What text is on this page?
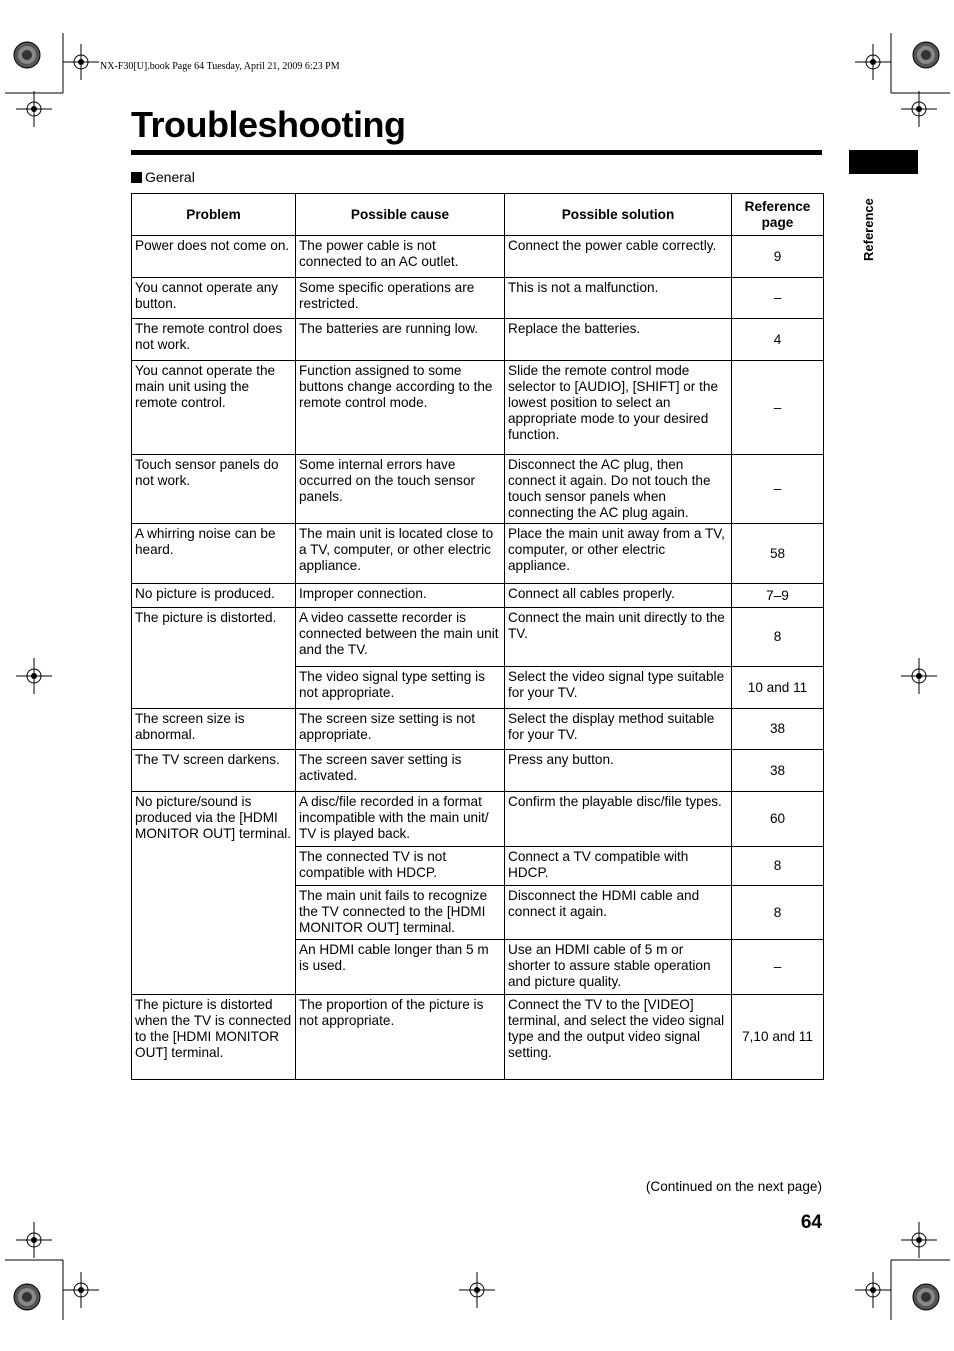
NX-F30[U].book Page 64 Tuesday, April 21, 2009 6:23 PM
Troubleshooting
Reference
General
Problem	Possible cause	Possible solution	Reference page
Power does not come on.	The power cable is not connected to an AC outlet.	Connect the power cable correctly.	9
You cannot operate any button.	Some specific operations are restricted.	This is not a malfunction.	–
The remote control does not work.	The batteries are running low.	Replace the batteries.	4
You cannot operate the main unit using the remote control.	Function assigned to some buttons change according to the remote control mode.	Slide the remote control mode selector to [AUDIO], [SHIFT] or the lowest position to select an appropriate mode to your desired function.	–
Touch sensor panels do not work.	Some internal errors have occurred on the touch sensor panels.	Disconnect the AC plug, then connect it again. Do not touch the touch sensor panels when connecting the AC plug again.	–
A whirring noise can be heard.	The main unit is located close to a TV, computer, or other electric appliance.	Place the main unit away from a TV, computer, or other electric appliance.	58
No picture is produced.	Improper connection.	Connect all cables properly.	7–9
The picture is distorted.	A video cassette recorder is connected between the main unit and the TV.	Connect the main unit directly to the TV.	8
	The video signal type setting is not appropriate.	Select the video signal type suitable for your TV.	10 and 11
The screen size is abnormal.	The screen size setting is not appropriate.	Select the display method suitable for your TV.	38
The TV screen darkens.	The screen saver setting is activated.	Press any button.	38
No picture/sound is produced via the [HDMI MONITOR OUT] terminal.	A disc/file recorded in a format incompatible with the main unit/ TV is played back.	Confirm the playable disc/file types.	60
	The connected TV is not compatible with HDCP.	Connect a TV compatible with HDCP.	8
	The main unit fails to recognize the TV connected to the [HDMI MONITOR OUT] terminal.	Disconnect the HDMI cable and connect it again.	8
	An HDMI cable longer than 5 m is used.	Use an HDMI cable of 5 m or shorter to assure stable operation and picture quality.	–
The picture is distorted when the TV is connected to the [HDMI MONITOR OUT] terminal.	The proportion of the picture is not appropriate.	Connect the TV to the [VIDEO] terminal, and select the video signal type and the output video signal setting.	7,10 and 11
(Continued on the next page)
64
